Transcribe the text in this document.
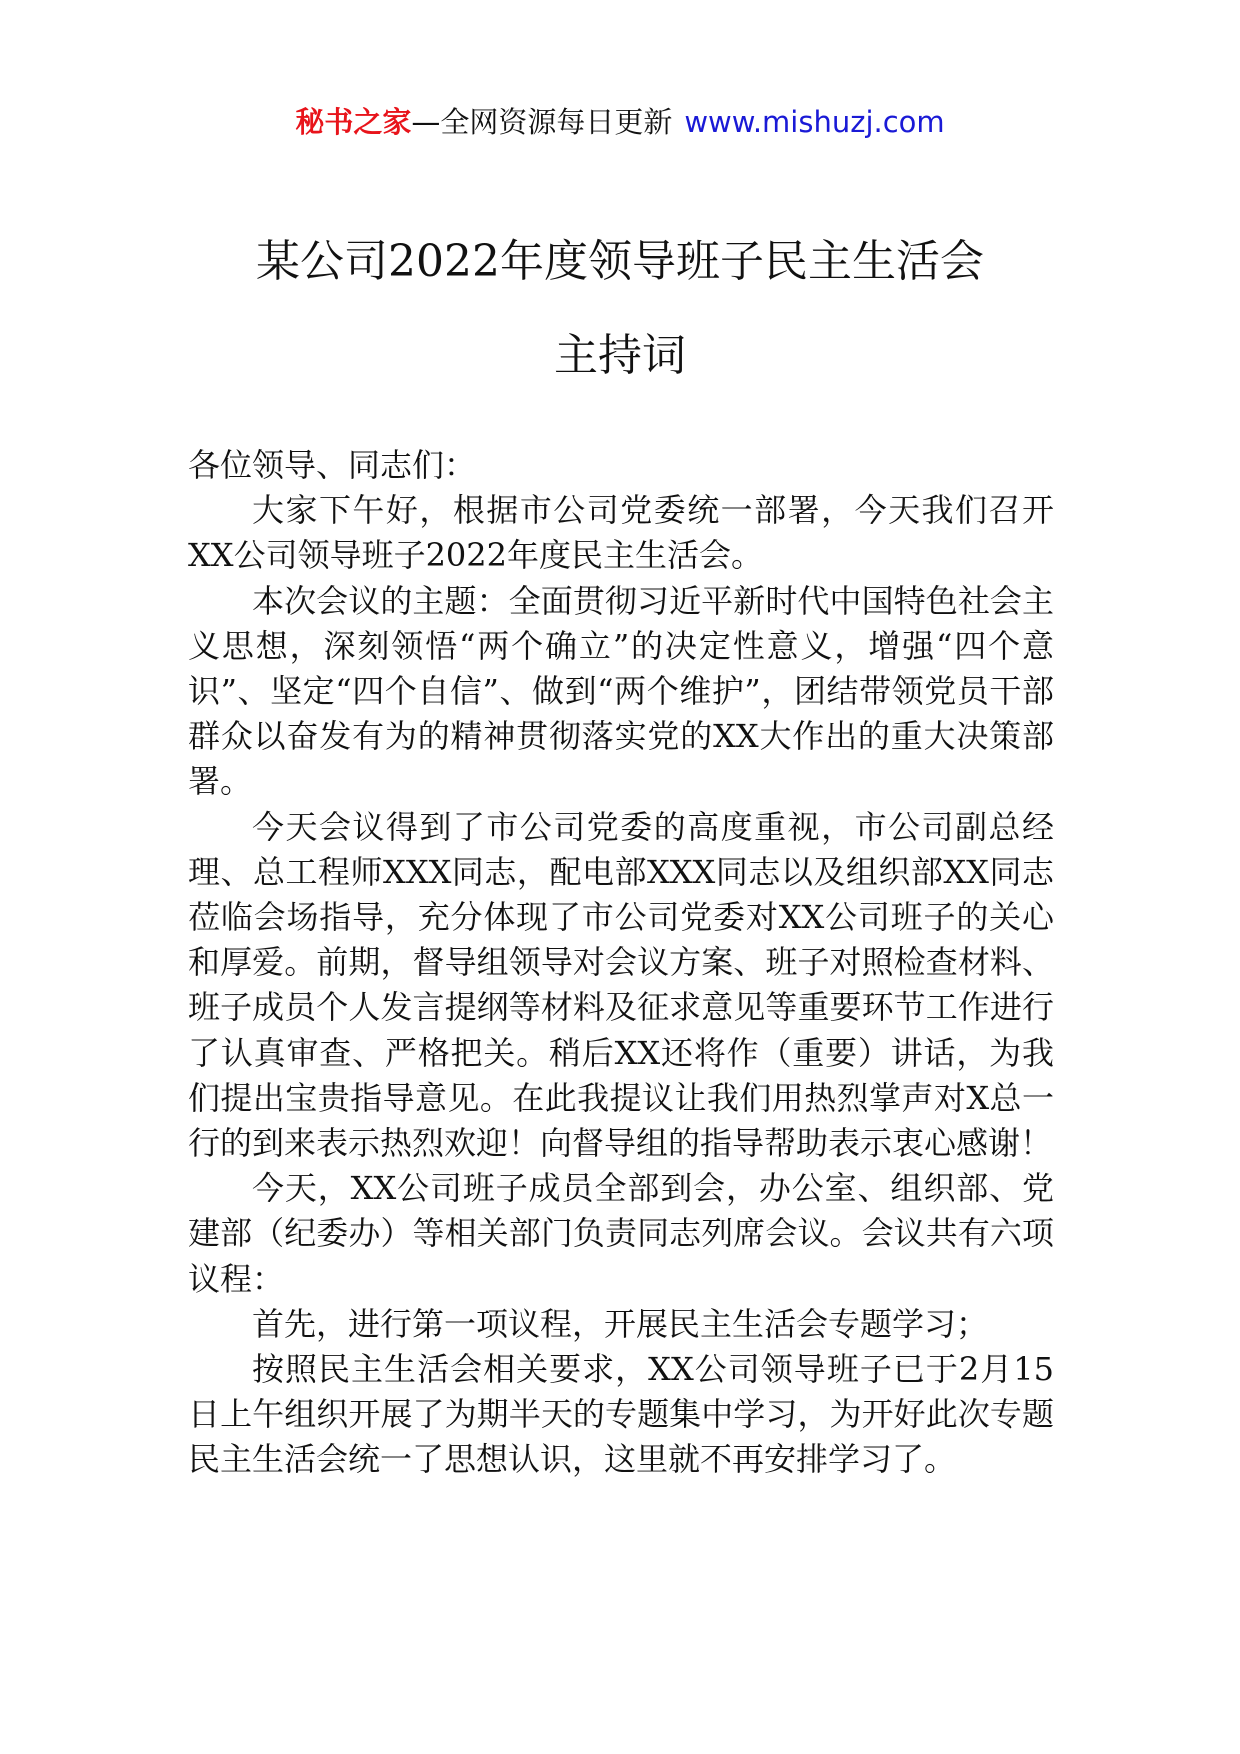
秘书之家—全网资源每日更新 www.mishuzj.com
某公司2022年度领导班子民主生活会
主持词

各位领导、同志们：

大家下午好，根据市公司党委统一部署，今天我们召开XX公司领导班子2022年度民主生活会。

本次会议的主题：全面贯彻习近平新时代中国特色社会主义思想，深刻领悟“两个确立”的决定性意义，增强“四个意识”、坚定“四个自信”、做到“两个维护”，团结带领党员干部群众以奋发有为的精神贯彻落实党的XX大作出的重大决策部署。

今天会议得到了市公司党委的高度重视，市公司副总经理、总工程师XXX同志，配电部XXX同志以及组织部XX同志莅临会场指导，充分体现了市公司党委对XX公司班子的关心和厚爱。前期，督导组领导对会议方案、班子对照检查材料、班子成员个人发言提纲等材料及征求意见等重要环节工作进行了认真审查、严格把关。稍后XX还将作（重要）讲话，为我们提出宝贵指导意见。在此我提议让我们用热烈掌声对X总一行的到来表示热烈欢迎！向督导组的指导帮助表示衷心感谢！

今天，XX公司班子成员全部到会，办公室、组织部、党建部（纪委办）等相关部门负责同志列席会议。会议共有六项议程：

首先，进行第一项议程，开展民主生活会专题学习；

按照民主生活会相关要求，XX公司领导班子已于2月15日上午组织开展了为期半天的专题集中学习，为开好此次专题民主生活会统一了思想认识，这里就不再安排学习了。
